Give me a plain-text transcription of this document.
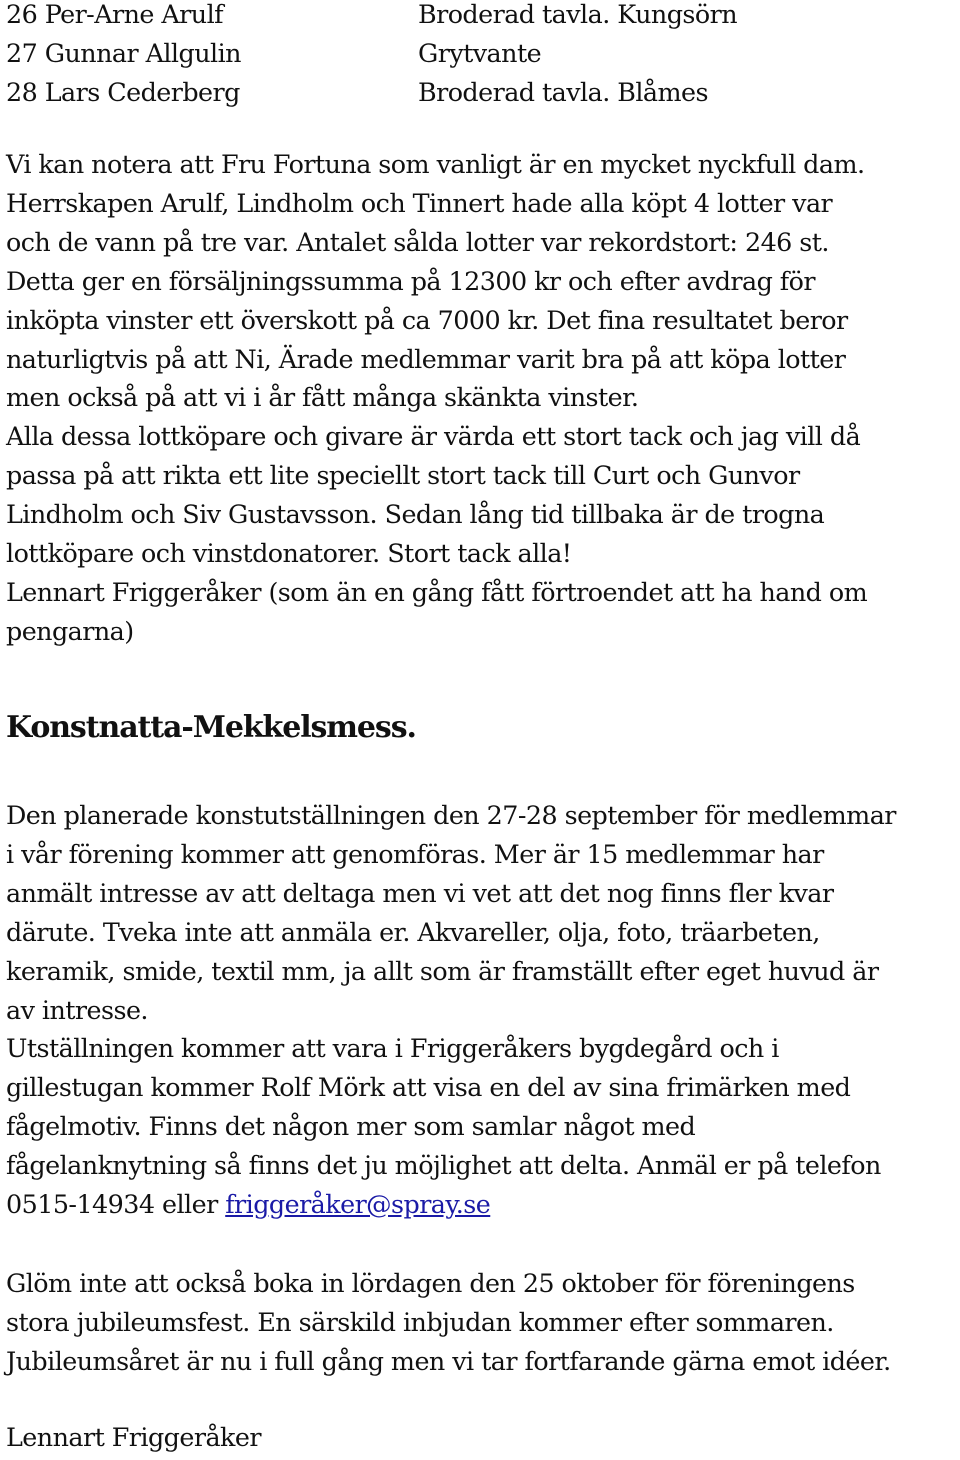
26 Per-Arne Arulf	Broderad tavla. Kungsörn
27 Gunnar Allgulin	Grytvante
28 Lars Cederberg	Broderad tavla. Blåmes

Vi kan notera att Fru Fortuna som vanligt är en mycket nyckfull dam.
Herrskapen Arulf, Lindholm och Tinnert hade alla köpt 4 lotter var
och de vann på tre var. Antalet sålda lotter var rekordstort: 246 st.
Detta ger en försäljningssumma på 12300 kr och efter avdrag för
inköpta vinster ett överskott på ca 7000 kr. Det fina resultatet beror
naturligtvis på att Ni, Ärade medlemmar varit bra på att köpa lotter
men också på att vi i år fått många skänkta vinster.
Alla dessa lottköpare och givare är värda ett stort tack och jag vill då
passa på att rikta ett lite speciellt stort tack till Curt och Gunvor
Lindholm och Siv Gustavsson. Sedan lång tid tillbaka är de trogna
lottköpare och vinstdonatorer. Stort tack alla!
Lennart Friggeråker (som än en gång fått förtroendet att ha hand om
pengarna)

Konstnatta-Mekkelsmess.

Den planerade konstutställningen den 27-28 september för medlemmar
i vår förening kommer att genomföras. Mer är 15 medlemmar har
anmält intresse av att deltaga men vi vet att det nog finns fler kvar
därute. Tveka inte att anmäla er. Akvareller, olja, foto, träarbeten,
keramik, smide, textil mm, ja allt som är framställt efter eget huvud är
av intresse.
Utställningen kommer att vara i Friggeråkers bygdegård och i
gillestugan kommer Rolf Mörk att visa en del av sina frimärken med
fågelmotiv. Finns det någon mer som samlar något med
fågelanknytning så finns det ju möjlighet att delta. Anmäl er på telefon
0515-14934 eller friggeråker@spray.se

Glöm inte att också boka in lördagen den 25 oktober för föreningens
stora jubileumsfest. En särskild inbjudan kommer efter sommaren.
Jubileumsåret är nu i full gång men vi tar fortfarande gärna emot idéer.

Lennart Friggeråker
